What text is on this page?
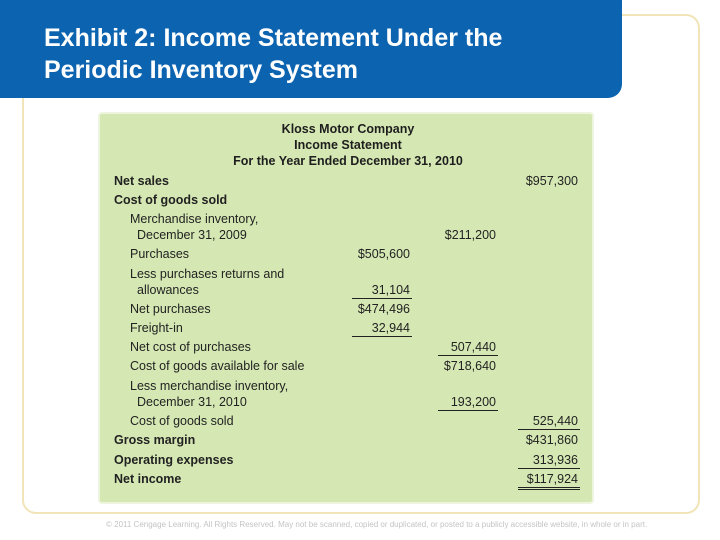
Exhibit 2: Income Statement Under the Periodic Inventory System
Kloss Motor Company
Income Statement
For the Year Ended December 31, 2010
Net sales	$957,300
Cost of goods sold
Merchandise inventory,
December 31, 2009	$211,200
Purchases	$505,600
Less purchases returns and
allowances	31,104
Net purchases	$474,496
Freight-in	32,944
Net cost of purchases	507,440
Cost of goods available for sale	$718,640
Less merchandise inventory,
December 31, 2010	193,200
Cost of goods sold	525,440
Gross margin	$431,860
Operating expenses	313,936
Net income	$117,924
© 2011 Cengage Learning. All Rights Reserved. May not be scanned, copied or duplicated, or posted to a publicly accessible website, in whole or in part.
